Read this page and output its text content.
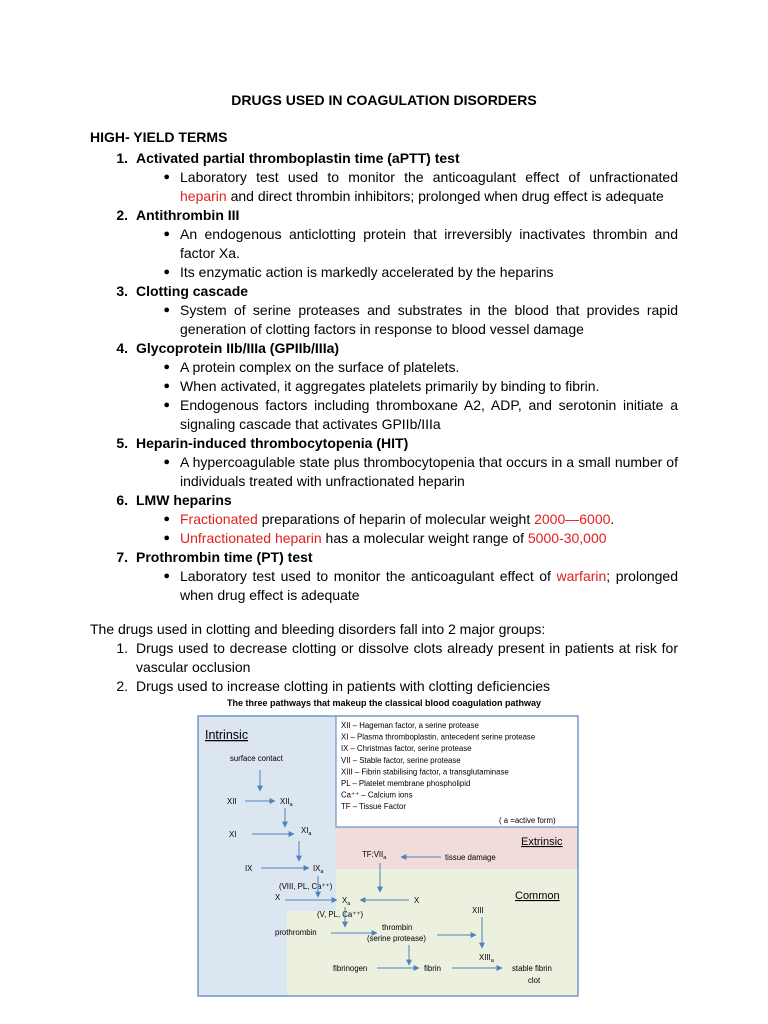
DRUGS USED IN COAGULATION DISORDERS
HIGH- YIELD TERMS
1. Activated partial thromboplastin time (aPTT) test
● Laboratory test used to monitor the anticoagulant effect of unfractionated heparin and direct thrombin inhibitors; prolonged when drug effect is adequate
2. Antithrombin III
● An endogenous anticlotting protein that irreversibly inactivates thrombin and factor Xa.
● Its enzymatic action is markedly accelerated by the heparins
3. Clotting cascade
● System of serine proteases and substrates in the blood that provides rapid generation of clotting factors in response to blood vessel damage
4. Glycoprotein IIb/IIIa (GPIIb/IIIa)
● A protein complex on the surface of platelets.
● When activated, it aggregates platelets primarily by binding to fibrin.
● Endogenous factors including thromboxane A2, ADP, and serotonin initiate a signaling cascade that activates GPIIb/IIIa
5. Heparin-induced thrombocytopenia (HIT)
● A hypercoagulable state plus thrombocytopenia that occurs in a small number of individuals treated with unfractionated heparin
6. LMW heparins
● Fractionated preparations of heparin of molecular weight 2000—6000.
● Unfractionated heparin has a molecular weight range of 5000-30,000
7. Prothrombin time (PT) test
● Laboratory test used to monitor the anticoagulant effect of warfarin; prolonged when drug effect is adequate
The drugs used in clotting and bleeding disorders fall into 2 major groups:
1. Drugs used to decrease clotting or dissolve clots already present in patients at risk for vascular occlusion
2. Drugs used to increase clotting in patients with clotting deficiencies
The three pathways that makeup the classical blood coagulation pathway
Intrinsic
Extrinsic
Common
XII – Hageman factor, a serine protease
XI – Plasma thromboplastin, antecedent serine protease
IX – Christmas factor, serine protease
VII – Stable factor, serine protease
XIII – Fibrin stabilising factor, a transglutaminase
PL – Platelet membrane phospholipid
Ca⁺⁺ – Calcium ions
TF – Tissue Factor
( a =active form)
surface contact
XII	$XII_a$
XI	$XI_a$
IX	$IX_a$
(VIII, PL, Ca⁺⁺)
X	$X_a$	X
(V, PL, Ca⁺⁺)
prothrombin
thrombin
(serine protease)
$TF:VII_a$	tissue damage
XIII
$XIII_a$
fibrinogen	fibrin	stable fibrin
clot
